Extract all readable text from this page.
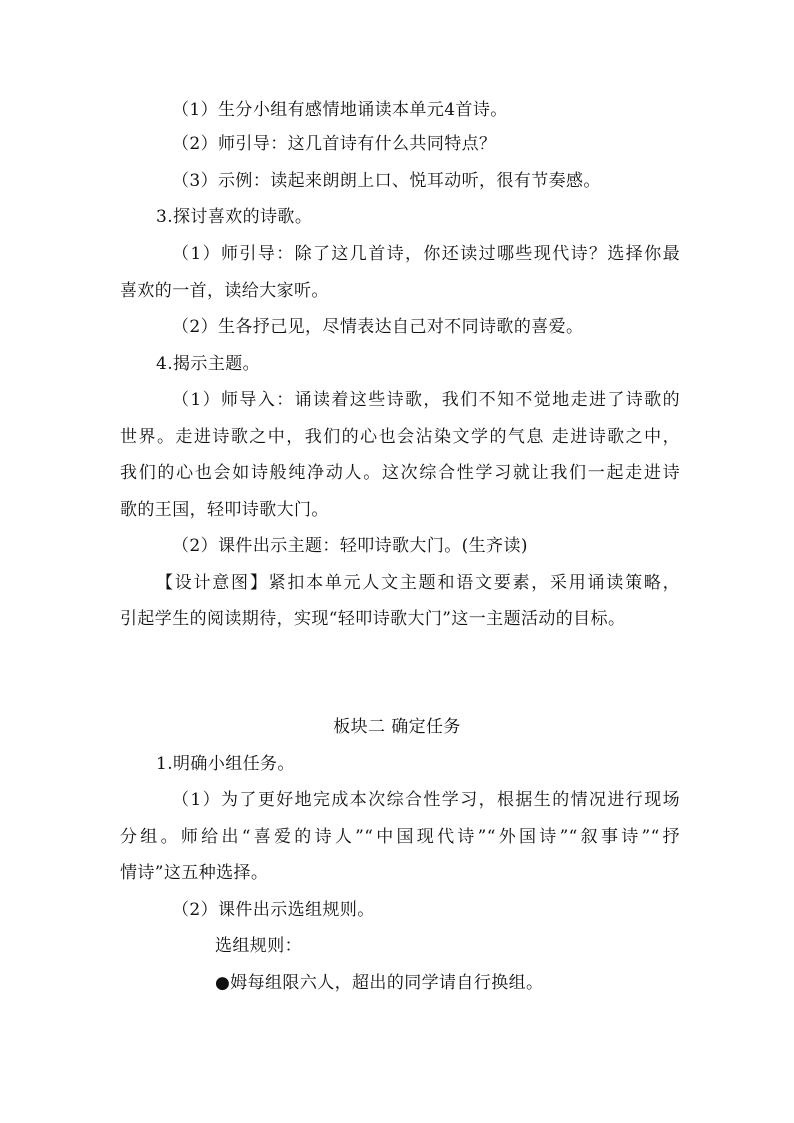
（1）生分小组有感情地诵读本单元4首诗。
（2）师引导：这几首诗有什么共同特点？
（3）示例：读起来朗朗上口、悦耳动听，很有节奏感。
3.探讨喜欢的诗歌。
（1）师引导：除了这几首诗，你还读过哪些现代诗？选择你最
喜欢的一首，读给大家听。
（2）生各抒己见，尽情表达自己对不同诗歌的喜爱。
4.揭示主题。
（1）师导入：诵读着这些诗歌，我们不知不觉地走进了诗歌的
世界。走进诗歌之中，我们的心也会沾染文学的气息 走进诗歌之中，
我们的心也会如诗般纯净动人。这次综合性学习就让我们一起走进诗
歌的王国，轻叩诗歌大门。
（2）课件出示主题：轻叩诗歌大门。(生齐读)
【设计意图】紧扣本单元人文主题和语文要素，采用诵读策略，
引起学生的阅读期待，实现“轻叩诗歌大门”这一主题活动的目标。
板块二 确定任务
1.明确小组任务。
（1）为了更好地完成本次综合性学习，根据生的情况进行现场
分组。师给出“喜爱的诗人”“中国现代诗”“外国诗”“叙事诗”“抒
情诗”这五种选择。
（2）课件出示选组规则。
选组规则：
●姆每组限六人，超出的同学请自行换组。
